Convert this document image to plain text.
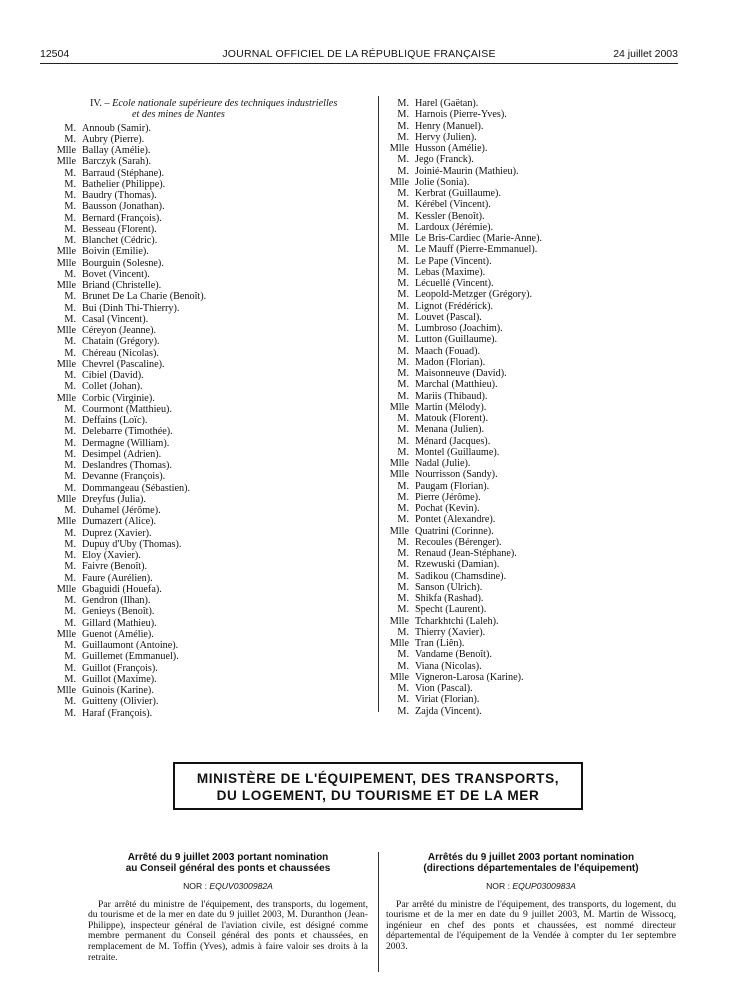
12504	JOURNAL OFFICIEL DE LA RÉPUBLIQUE FRANÇAISE	24 juillet 2003
IV. – Ecole nationale supérieure des techniques industrielles
et des mines de Nantes
M. Annoub (Samir).
M. Aubry (Pierre).
Mlle Ballay (Amélie).
Mlle Barczyk (Sarah).
M. Barraud (Stéphane).
M. Bathelier (Philippe).
M. Baudry (Thomas).
M. Bausson (Jonathan).
M. Bernard (François).
M. Besseau (Florent).
M. Blanchet (Cédric).
Mlle Boivin (Emilie).
Mlle Bourguin (Solesne).
M. Bovet (Vincent).
Mlle Briand (Christelle).
M. Brunet De La Charie (Benoît).
M. Bui (Dinh Thi-Thierry).
M. Casal (Vincent).
Mlle Céreyon (Jeanne).
M. Chatain (Grégory).
M. Chéreau (Nicolas).
Mlle Chevrel (Pascaline).
M. Cibiel (David).
M. Collet (Johan).
Mlle Corbic (Virginie).
M. Courmont (Matthieu).
M. Deffains (Loïc).
M. Delebarre (Timothée).
M. Dermagne (William).
M. Desimpel (Adrien).
M. Deslandres (Thomas).
M. Devanne (François).
M. Dommangeau (Sébastien).
Mlle Dreyfus (Julia).
M. Duhamel (Jérôme).
Mlle Dumazert (Alice).
M. Duprez (Xavier).
M. Dupuy d'Uby (Thomas).
M. Eloy (Xavier).
M. Faivre (Benoît).
M. Faure (Aurélien).
Mlle Gbaguidi (Houefa).
M. Gendron (Ilhan).
M. Genieys (Benoît).
M. Gillard (Mathieu).
Mlle Guenot (Amélie).
M. Guillaumont (Antoine).
M. Guillemet (Emmanuel).
M. Guillot (François).
M. Guillot (Maxime).
Mlle Guinois (Karine).
M. Guitteny (Olivier).
M. Haraf (François).
M. Harel (Gaëtan).
M. Harnois (Pierre-Yves).
M. Henry (Manuel).
M. Hervy (Julien).
Mlle Husson (Amélie).
M. Jego (Franck).
M. Joinié-Maurin (Mathieu).
Mlle Jolie (Sonia).
M. Kerbrat (Guillaume).
M. Kérébel (Vincent).
M. Kessler (Benoît).
M. Lardoux (Jérémie).
Mlle Le Bris-Cardiec (Marie-Anne).
M. Le Mauff (Pierre-Emmanuel).
M. Le Pape (Vincent).
M. Lebas (Maxime).
M. Lécuellé (Vincent).
M. Leopold-Metzger (Grégory).
M. Lignot (Frédérick).
M. Louvet (Pascal).
M. Lumbroso (Joachim).
M. Lutton (Guillaume).
M. Maach (Fouad).
M. Madon (Florian).
M. Maisonneuve (David).
M. Marchal (Matthieu).
M. Mariis (Thibaud).
Mlle Martin (Mélody).
M. Matouk (Florent).
M. Menana (Julien).
M. Ménard (Jacques).
M. Montel (Guillaume).
Mlle Nadal (Julie).
Mlle Nourrisson (Sandy).
M. Paugam (Florian).
M. Pierre (Jérôme).
M. Pochat (Kevin).
M. Pontet (Alexandre).
Mlle Quatrini (Corinne).
M. Recoules (Bérenger).
M. Renaud (Jean-Stéphane).
M. Rzewuski (Damian).
M. Sadikou (Chamsdine).
M. Sanson (Ulrich).
M. Shikfa (Rashad).
M. Specht (Laurent).
Mlle Tcharkhtchi (Laleh).
M. Thierry (Xavier).
Mlle Tran (Liên).
M. Vandame (Benoît).
M. Viana (Nicolas).
Mlle Vigneron-Larosa (Karine).
M. Vion (Pascal).
M. Viriat (Florian).
M. Zajda (Vincent).
MINISTÈRE DE L'ÉQUIPEMENT, DES TRANSPORTS,
DU LOGEMENT, DU TOURISME ET DE LA MER
Arrêté du 9 juillet 2003 portant nomination
au Conseil général des ponts et chaussées
NOR : EQUV0300982A
Par arrêté du ministre de l'équipement, des transports, du logement, du tourisme et de la mer en date du 9 juillet 2003, M. Duranthon (Jean-Philippe), inspecteur général de l'aviation civile, est désigné comme membre permanent du Conseil général des ponts et chaussées, en remplacement de M. Toffin (Yves), admis à faire valoir ses droits à la retraite.
Arrêtés du 9 juillet 2003 portant nomination
(directions départementales de l'équipement)
NOR : EQUP0300983A
Par arrêté du ministre de l'équipement, des transports, du logement, du tourisme et de la mer en date du 9 juillet 2003, M. Martin de Wissocq, ingénieur en chef des ponts et chaussées, est nommé directeur départemental de l'équipement de la Vendée à compter du 1er septembre 2003.
